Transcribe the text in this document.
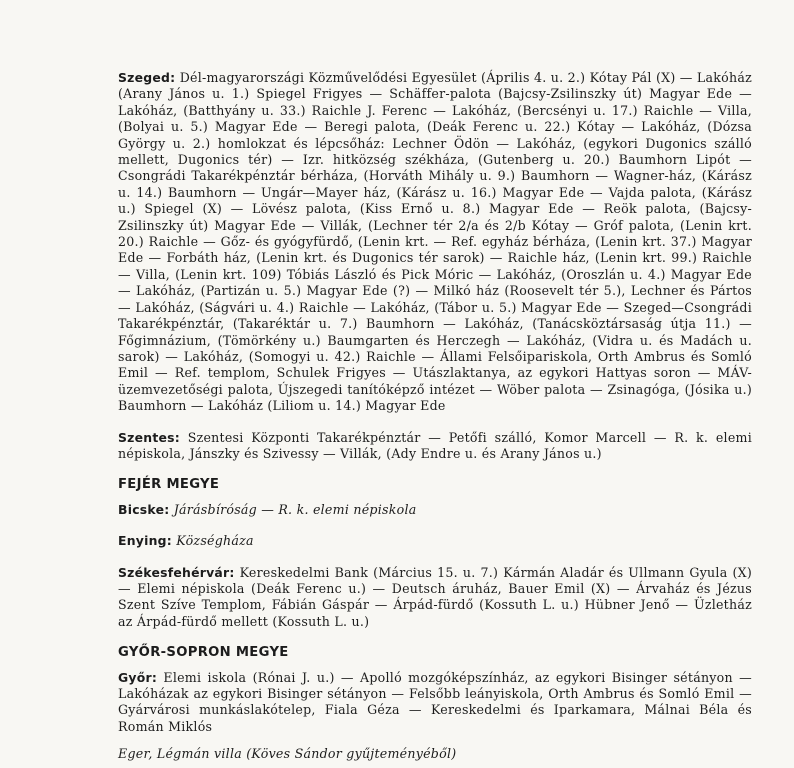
Szeged: Dél-magyarországi Közművelődési Egyesület (Április 4. u. 2.) Kótay Pál (X) — Lakóház (Arany János u. 1.) Spiegel Frigyes — Schäffer-palota (Bajcsy-Zsilinszky út) Magyar Ede — Lakóház, (Batthyány u. 33.) Raichle J. Ferenc — Lakóház, (Bercsényi u. 17.) Raichle — Villa, (Bolyai u. 5.) Magyar Ede — Beregi palota, (Deák Ferenc u. 22.) Kótay — Lakóház, (Dózsa György u. 2.) homlokzat és lépcsőház: Lechner Ödön — Lakóház, (egykori Dugonics szálló mellett, Dugonics tér) — Izr. hitközség székháza, (Gutenberg u. 20.) Baumhorn Lipót — Csongrádi Takarékpénztár bérháza, (Horváth Mihály u. 9.) Baumhorn — Wagner-ház, (Kárász u. 14.) Baumhorn — Ungár—Mayer ház, (Kárász u. 16.) Magyar Ede — Vajda palota, (Kárász u.) Spiegel (X) — Lövész palota, (Kiss Ernő u. 8.) Magyar Ede — Reök palota, (Bajcsy-Zsilinszky út) Magyar Ede — Villák, (Lechner tér 2/a és 2/b Kótay — Gróf palota, (Lenin krt. 20.) Raichle — Gőz- és gyógyfürdő, (Lenin krt. — Ref. egyház bérháza, (Lenin krt. 37.) Magyar Ede — Forbáth ház, (Lenin krt. és Dugonics tér sarok) — Raichle ház, (Lenin krt. 99.) Raichle — Villa, (Lenin krt. 109) Tóbiás László és Pick Móric — Lakóház, (Oroszlán u. 4.) Magyar Ede — Lakóház, (Partizán u. 5.) Magyar Ede (?) — Milkó ház (Roosevelt tér 5.), Lechner és Pártos — Lakóház, (Ságvári u. 4.) Raichle — Lakóház, (Tábor u. 5.) Magyar Ede — Szeged—Csongrádi Takarékpénztár, (Takaréktár u. 7.) Baumhorn — Lakóház, (Tanácsköztársaság útja 11.) — Főgimnázium, (Tömörkény u.) Baumgarten és Herczegh — Lakóház, (Vidra u. és Madách u. sarok) — Lakóház, (Somogyi u. 42.) Raichle — Állami Felsőipariskola, Orth Ambrus és Somló Emil — Ref. templom, Schulek Frigyes — Utászlaktanya, az egykori Hattyas soron — MÁV-üzemvezetőségi palota, Újszegedi tanítóképző intézet — Wöber palota — Zsinagóga, (Jósika u.) Baumhorn — Lakóház (Liliom u. 14.) Magyar Ede

Szentes: Szentesi Központi Takarékpénztár — Petőfi szálló, Komor Marcell — R. k. elemi népiskola, Jánszky és Szivessy — Villák, (Ady Endre u. és Arany János u.)

FEJÉR MEGYE

Bicske: Járásbíróság — R. k. elemi népiskola

Enying: Községháza

Székesfehérvár: Kereskedelmi Bank (Március 15. u. 7.) Kármán Aladár és Ullmann Gyula (X) — Elemi népiskola (Deák Ferenc u.) — Deutsch áruház, Bauer Emil (X) — Árvaház és Jézus Szent Szíve Templom, Fábián Gáspár — Árpád-fürdő (Kossuth L. u.) Hübner Jenő — Üzletház az Árpád-fürdő mellett (Kossuth L. u.)

GYŐR-SOPRON MEGYE

Győr: Elemi iskola (Rónai J. u.) — Apolló mozgóképszínház, az egykori Bisinger sétányon — Lakóházak az egykori Bisinger sétányon — Felsőbb leányiskola, Orth Ambrus és Somló Emil — Gyárvárosi munkáslakótelep, Fiala Géza — Kereskedelmi és Iparkamara, Málnai Béla és Román Miklós

Eger, Légmán villa (Köves Sándor gyűjteményéből)
